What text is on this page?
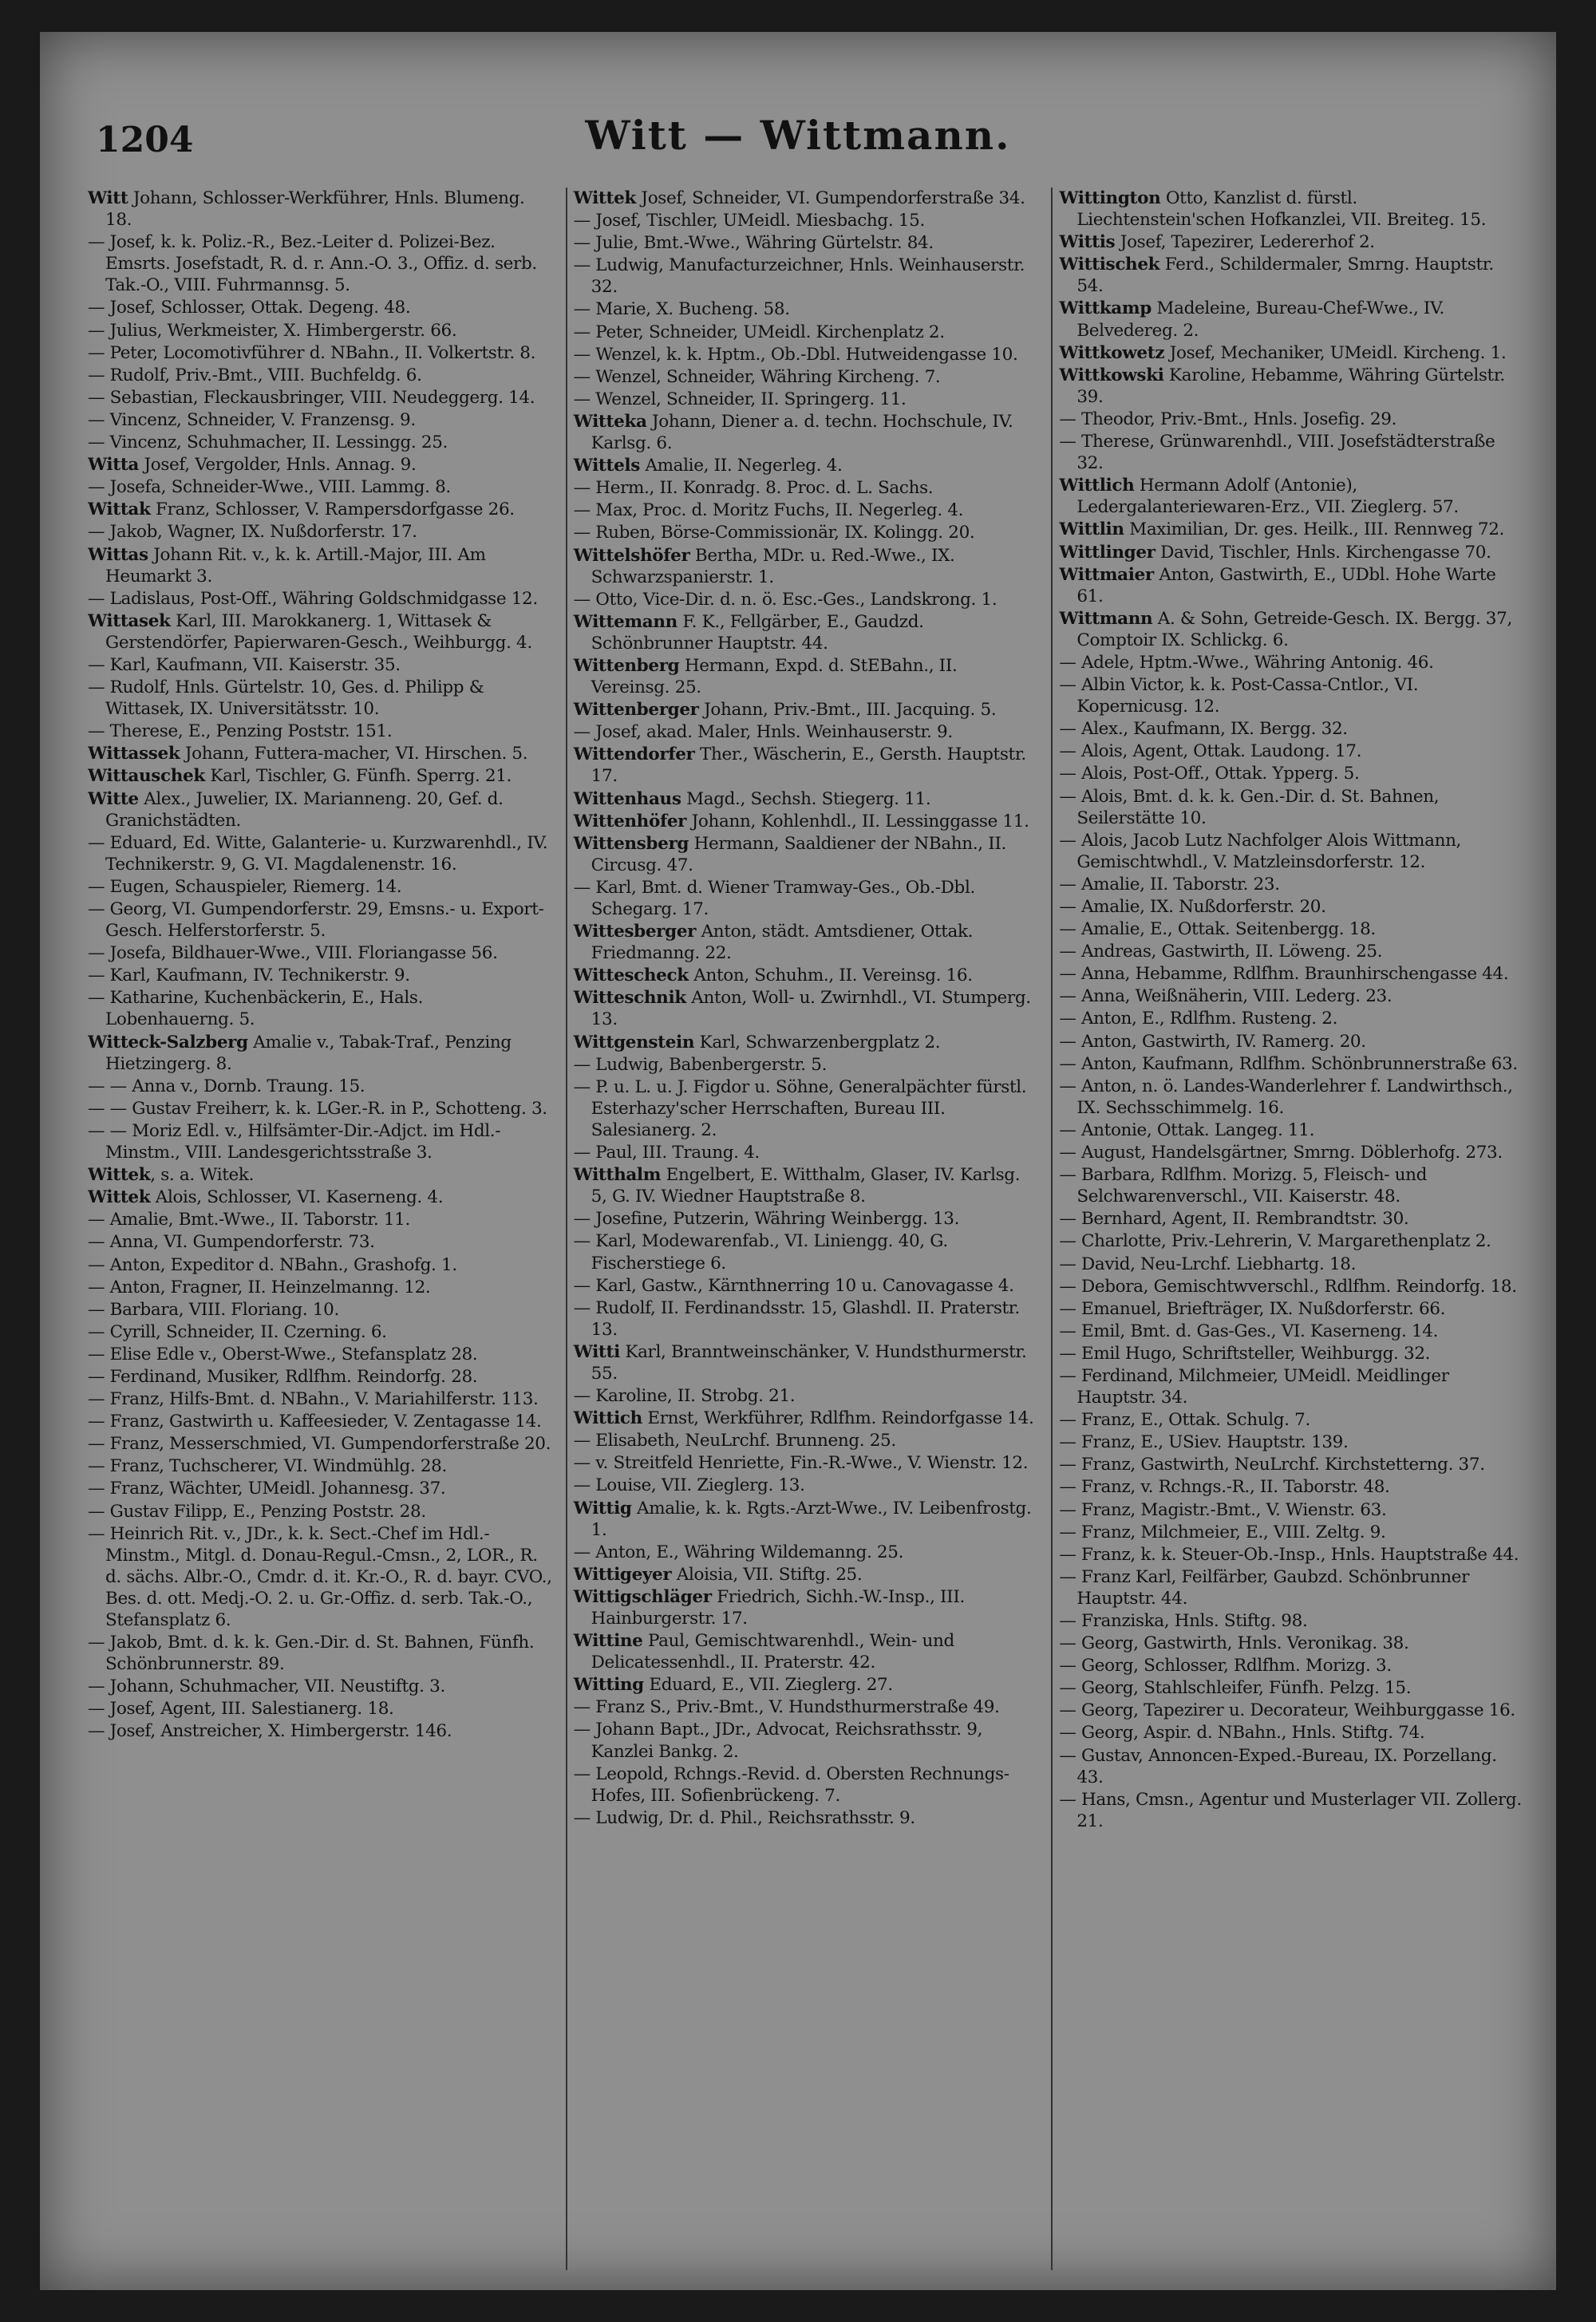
1204	Witt — Wittmann.

Witt Johann, Schlosser-Werkführer, Hnls. Blumeng. 18.

— Josef, k. k. Poliz.-R., Bez.-Leiter d. Polizei-Bez. Emsrts. Josefstadt, R. d. r. Ann.-O. 3., Offiz. d. serb. Tak.-O., VIII. Fuhrmannsg. 5.

— Josef, Schlosser, Ottak. Degeng. 48.

— Julius, Werkmeister, X. Himbergerstr. 66.

— Peter, Locomotivführer d. NBahn., II. Volkertstr. 8.

— Rudolf, Priv.-Bmt., VIII. Buchfeldg. 6.

— Sebastian, Fleckausbringer, VIII. Neudeggerg. 14.

— Vincenz, Schneider, V. Franzensg. 9.

— Vincenz, Schuhmacher, II. Lessingg. 25.

Witta Josef, Vergolder, Hnls. Annag. 9.

— Josefa, Schneider-Wwe., VIII. Lammg. 8.

Wittak Franz, Schlosser, V. Rampersdorfgasse 26.

— Jakob, Wagner, IX. Nußdorferstr. 17.

Wittas Johann Rit. v., k. k. Artill.-Major, III. Am Heumarkt 3.

— Ladislaus, Post-Off., Währing Goldschmidgasse 12.

Wittasek Karl, III. Marokkanerg. 1, Wittasek & Gerstendörfer, Papierwaren-Gesch., Weihburgg. 4.

— Karl, Kaufmann, VII. Kaiserstr. 35.

— Rudolf, Hnls. Gürtelstr. 10, Ges. d. Philipp & Wittasek, IX. Universitätsstr. 10.

— Therese, E., Penzing Poststr. 151.

Wittassek Johann, Futtera-macher, VI. Hirschen. 5.

Wittauschek Karl, Tischler, G. Fünfh. Sperrg. 21.

Witte Alex., Juwelier, IX. Marianneng. 20, Gef. d. Granichstädten.

— Eduard, Ed. Witte, Galanterie- u. Kurzwarenhdl., IV. Technikerstr. 9, G. VI. Magdalenenstr. 16.

— Eugen, Schauspieler, Riemerg. 14.

— Georg, VI. Gumpendorferstr. 29, Emsns.- u. Export-Gesch. Helferstorferstr. 5.

— Josefa, Bildhauer-Wwe., VIII. Floriangasse 56.

— Karl, Kaufmann, IV. Technikerstr. 9.

— Katharine, Kuchenbäckerin, E., Hals. Lobenhauerng. 5.

Witteck-Salzberg Amalie v., Tabak-Traf., Penzing Hietzingerg. 8.

— — Anna v., Dornb. Traung. 15.

— — Gustav Freiherr, k. k. LGer.-R. in P., Schotteng. 3.

— — Moriz Edl. v., Hilfsämter-Dir.-Adjct. im Hdl.-Minstm., VIII. Landesgerichtsstraße 3.

Wittek, s. a. Witek.

Wittek Alois, Schlosser, VI. Kaserneng. 4.

— Amalie, Bmt.-Wwe., II. Taborstr. 11.

— Anna, VI. Gumpendorferstr. 73.

— Anton, Expeditor d. NBahn., Grashofg. 1.

— Anton, Fragner, II. Heinzelmanng. 12.

— Barbara, VIII. Floriang. 10.

— Cyrill, Schneider, II. Czerning. 6.

— Elise Edle v., Oberst-Wwe., Stefansplatz 28.

— Ferdinand, Musiker, Rdlfhm. Reindorfg. 28.

— Franz, Hilfs-Bmt. d. NBahn., V. Mariahilferstr. 113.

— Franz, Gastwirth u. Kaffeesieder, V. Zentagasse 14.

— Franz, Messerschmied, VI. Gumpendorferstraße 20.

— Franz, Tuchscherer, VI. Windmühlg. 28.

— Franz, Wächter, UMeidl. Johannesg. 37.

— Gustav Filipp, E., Penzing Poststr. 28.

— Heinrich Rit. v., JDr., k. k. Sect.-Chef im Hdl.-Minstm., Mitgl. d. Donau-Regul.-Cmsn., 2, LOR., R. d. sächs. Albr.-O., Cmdr. d. it. Kr.-O., R. d. bayr. CVO., Bes. d. ott. Medj.-O. 2. u. Gr.-Offiz. d. serb. Tak.-O., Stefansplatz 6.

— Jakob, Bmt. d. k. k. Gen.-Dir. d. St. Bahnen, Fünfh. Schönbrunnerstr. 89.

— Johann, Schuhmacher, VII. Neustiftg. 3.

— Josef, Agent, III. Salestianerg. 18.

— Josef, Anstreicher, X. Himbergerstr. 146.

Wittek Josef, Schneider, VI. Gumpendorferstraße 34.

— Josef, Tischler, UMeidl. Miesbachg. 15.

— Julie, Bmt.-Wwe., Währing Gürtelstr. 84.

— Ludwig, Manufacturzeichner, Hnls. Weinhauserstr. 32.

— Marie, X. Bucheng. 58.

— Peter, Schneider, UMeidl. Kirchenplatz 2.

— Wenzel, k. k. Hptm., Ob.-Dbl. Hutweidengasse 10.

— Wenzel, Schneider, Währing Kircheng. 7.

— Wenzel, Schneider, II. Springerg. 11.

Witteka Johann, Diener a. d. techn. Hochschule, IV. Karlsg. 6.

Wittels Amalie, II. Negerleg. 4.

— Herm., II. Konradg. 8. Proc. d. L. Sachs.

— Max, Proc. d. Moritz Fuchs, II. Negerleg. 4.

— Ruben, Börse-Commissionär, IX. Kolingg. 20.

Wittelshöfer Bertha, MDr. u. Red.-Wwe., IX. Schwarzspanierstr. 1.

— Otto, Vice-Dir. d. n. ö. Esc.-Ges., Landskrong. 1.

Wittemann F. K., Fellgärber, E., Gaudzd. Schönbrunner Hauptstr. 44.

Wittenberg Hermann, Expd. d. StEBahn., II. Vereinsg. 25.

Wittenberger Johann, Priv.-Bmt., III. Jacquing. 5.

— Josef, akad. Maler, Hnls. Weinhauserstr. 9.

Wittendorfer Ther., Wäscherin, E., Gersth. Hauptstr. 17.

Wittenhaus Magd., Sechsh. Stiegerg. 11.

Wittenhöfer Johann, Kohlenhdl., II. Lessinggasse 11.

Wittensberg Hermann, Saaldiener der NBahn., II. Circusg. 47.

— Karl, Bmt. d. Wiener Tramway-Ges., Ob.-Dbl. Schegarg. 17.

Wittesberger Anton, städt. Amtsdiener, Ottak. Friedmanng. 22.

Wittescheck Anton, Schuhm., II. Vereinsg. 16.

Witteschnik Anton, Woll- u. Zwirnhdl., VI. Stumperg. 13.

Wittgenstein Karl, Schwarzenbergplatz 2.

— Ludwig, Babenbergerstr. 5.

— P. u. L. u. J. Figdor u. Söhne, Generalpächter fürstl. Esterhazy'scher Herrschaften, Bureau III. Salesianerg. 2.

— Paul, III. Traung. 4.

Witthalm Engelbert, E. Witthalm, Glaser, IV. Karlsg. 5, G. IV. Wiedner Hauptstraße 8.

— Josefine, Putzerin, Währing Weinbergg. 13.

— Karl, Modewarenfab., VI. Liniengg. 40, G. Fischerstiege 6.

— Karl, Gastw., Kärnthnerring 10 u. Canovagasse 4.

— Rudolf, II. Ferdinandsstr. 15, Glashdl. II. Praterstr. 13.

Witti Karl, Branntweinschänker, V. Hundsthurmerstr. 55.

— Karoline, II. Strobg. 21.

Wittich Ernst, Werkführer, Rdlfhm. Reindorfgasse 14.

— Elisabeth, NeuLrchf. Brunneng. 25.

— v. Streitfeld Henriette, Fin.-R.-Wwe., V. Wienstr. 12.

— Louise, VII. Zieglerg. 13.

Wittig Amalie, k. k. Rgts.-Arzt-Wwe., IV. Leibenfrostg. 1.

— Anton, E., Währing Wildemanng. 25.

Wittigeyer Aloisia, VII. Stiftg. 25.

Wittigschläger Friedrich, Sichh.-W.-Insp., III. Hainburgerstr. 17.

Wittine Paul, Gemischtwarenhdl., Wein- und Delicatessenhdl., II. Praterstr. 42.

Witting Eduard, E., VII. Zieglerg. 27.

— Franz S., Priv.-Bmt., V. Hundsthurmerstraße 49.

— Johann Bapt., JDr., Advocat, Reichsrathsstr. 9, Kanzlei Bankg. 2.

— Leopold, Rchngs.-Revid. d. Obersten Rechnungs-Hofes, III. Sofienbrückeng. 7.

— Ludwig, Dr. d. Phil., Reichsrathsstr. 9.

Wittington Otto, Kanzlist d. fürstl. Liechtenstein'schen Hofkanzlei, VII. Breiteg. 15.

Wittis Josef, Tapezirer, Ledererhof 2.

Wittischek Ferd., Schildermaler, Smrng. Hauptstr. 54.

Wittkamp Madeleine, Bureau-Chef-Wwe., IV. Belvedereg. 2.

Wittkowetz Josef, Mechaniker, UMeidl. Kircheng. 1.

Wittkowski Karoline, Hebamme, Währing Gürtelstr. 39.

— Theodor, Priv.-Bmt., Hnls. Josefig. 29.

— Therese, Grünwarenhdl., VIII. Josefstädterstraße 32.

Wittlich Hermann Adolf (Antonie), Ledergalanteriewaren-Erz., VII. Zieglerg. 57.

Wittlin Maximilian, Dr. ges. Heilk., III. Rennweg 72.

Wittlinger David, Tischler, Hnls. Kirchengasse 70.

Wittmaier Anton, Gastwirth, E., UDbl. Hohe Warte 61.

Wittmann A. & Sohn, Getreide-Gesch. IX. Bergg. 37, Comptoir IX. Schlickg. 6.

— Adele, Hptm.-Wwe., Währing Antonig. 46.

— Albin Victor, k. k. Post-Cassa-Cntlor., VI. Kopernicusg. 12.

— Alex., Kaufmann, IX. Bergg. 32.

— Alois, Agent, Ottak. Laudong. 17.

— Alois, Post-Off., Ottak. Ypperg. 5.

— Alois, Bmt. d. k. k. Gen.-Dir. d. St. Bahnen, Seilerstätte 10.

— Alois, Jacob Lutz Nachfolger Alois Wittmann, Gemischtwhdl., V. Matzleinsdorferstr. 12.

— Amalie, II. Taborstr. 23.

— Amalie, IX. Nußdorferstr. 20.

— Amalie, E., Ottak. Seitenbergg. 18.

— Andreas, Gastwirth, II. Löweng. 25.

— Anna, Hebamme, Rdlfhm. Braunhirschengasse 44.

— Anna, Weißnäherin, VIII. Lederg. 23.

— Anton, E., Rdlfhm. Rusteng. 2.

— Anton, Gastwirth, IV. Ramerg. 20.

— Anton, Kaufmann, Rdlfhm. Schönbrunnerstraße 63.

— Anton, n. ö. Landes-Wanderlehrer f. Landwirthsch., IX. Sechsschimmelg. 16.

— Antonie, Ottak. Langeg. 11.

— August, Handelsgärtner, Smrng. Döblerhofg. 273.

— Barbara, Rdlfhm. Morizg. 5, Fleisch- und Selchwarenverschl., VII. Kaiserstr. 48.

— Bernhard, Agent, II. Rembrandtstr. 30.

— Charlotte, Priv.-Lehrerin, V. Margarethenplatz 2.

— David, Neu-Lrchf. Liebhartg. 18.

— Debora, Gemischtwverschl., Rdlfhm. Reindorfg. 18.

— Emanuel, Briefträger, IX. Nußdorferstr. 66.

— Emil, Bmt. d. Gas-Ges., VI. Kaserneng. 14.

— Emil Hugo, Schriftsteller, Weihburgg. 32.

— Ferdinand, Milchmeier, UMeidl. Meidlinger Hauptstr. 34.

— Franz, E., Ottak. Schulg. 7.

— Franz, E., USiev. Hauptstr. 139.

— Franz, Gastwirth, NeuLrchf. Kirchstetterng. 37.

— Franz, v. Rchngs.-R., II. Taborstr. 48.

— Franz, Magistr.-Bmt., V. Wienstr. 63.

— Franz, Milchmeier, E., VIII. Zeltg. 9.

— Franz, k. k. Steuer-Ob.-Insp., Hnls. Hauptstraße 44.

— Franz Karl, Feilfärber, Gaubzd. Schönbrunner Hauptstr. 44.

— Franziska, Hnls. Stiftg. 98.

— Georg, Gastwirth, Hnls. Veronikag. 38.

— Georg, Schlosser, Rdlfhm. Morizg. 3.

— Georg, Stahlschleifer, Fünfh. Pelzg. 15.

— Georg, Tapezirer u. Decorateur, Weihburggasse 16.

— Georg, Aspir. d. NBahn., Hnls. Stiftg. 74.

— Gustav, Annoncen-Exped.-Bureau, IX. Porzellang. 43.

— Hans, Cmsn., Agentur und Musterlager VII. Zollerg. 21.
